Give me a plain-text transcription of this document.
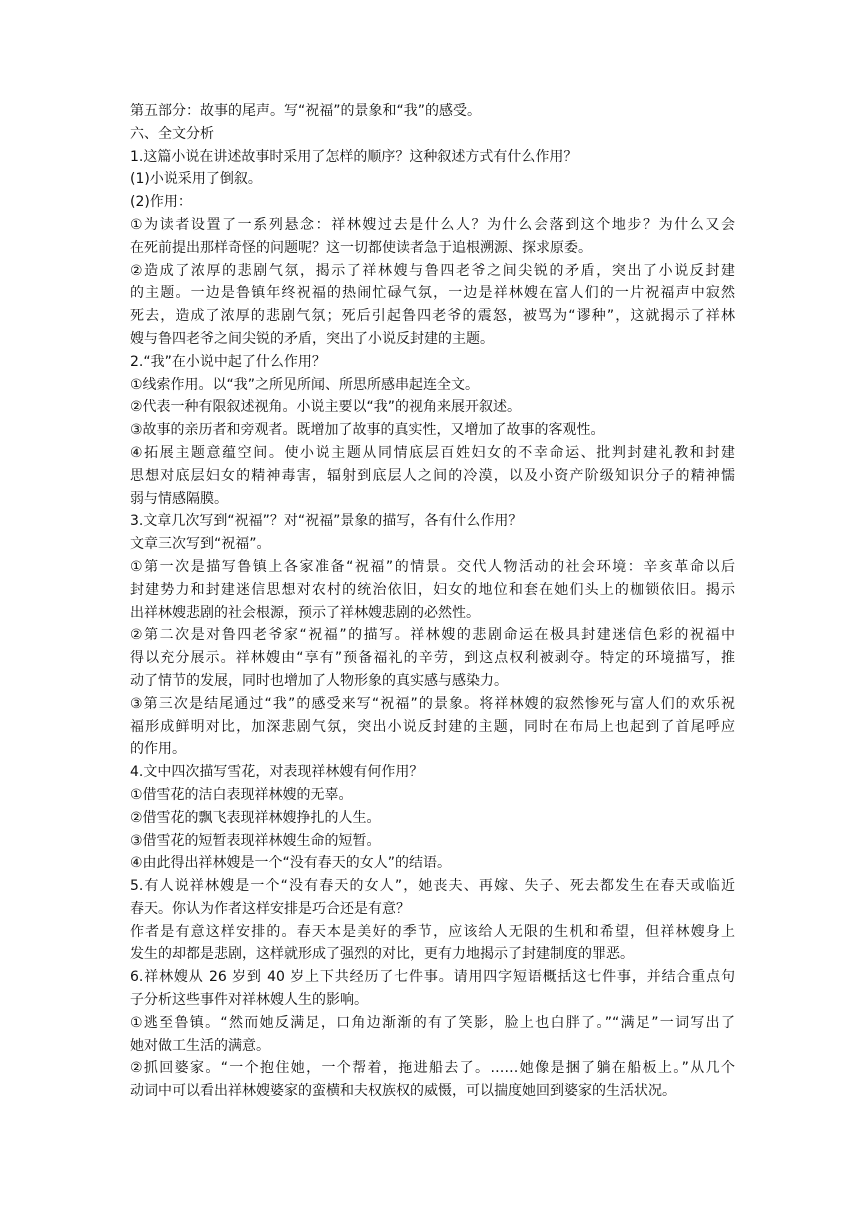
第五部分：故事的尾声。写“祝福”的景象和“我”的感受。
六、全文分析
1.这篇小说在讲述故事时采用了怎样的顺序？这种叙述方式有什么作用？
(1)小说采用了倒叙。
(2)作用：
①为读者设置了一系列悬念：祥林嫂过去是什么人？为什么会落到这个地步？为什么又会
在死前提出那样奇怪的问题呢？这一切都使读者急于追根溯源、探求原委。
②造成了浓厚的悲剧气氛，揭示了祥林嫂与鲁四老爷之间尖锐的矛盾，突出了小说反封建
的主题。一边是鲁镇年终祝福的热闹忙碌气氛，一边是祥林嫂在富人们的一片祝福声中寂然
死去，造成了浓厚的悲剧气氛；死后引起鲁四老爷的震怒，被骂为“谬种”，这就揭示了祥林
嫂与鲁四老爷之间尖锐的矛盾，突出了小说反封建的主题。
2.“我”在小说中起了什么作用？
①线索作用。以“我”之所见所闻、所思所感串起连全文。
②代表一种有限叙述视角。小说主要以“我”的视角来展开叙述。
③故事的亲历者和旁观者。既增加了故事的真实性，又增加了故事的客观性。
④拓展主题意蕴空间。使小说主题从同情底层百姓妇女的不幸命运、批判封建礼教和封建
思想对底层妇女的精神毒害，辐射到底层人之间的冷漠，以及小资产阶级知识分子的精神懦
弱与情感隔膜。
3.文章几次写到“祝福”？对“祝福”景象的描写，各有什么作用？
文章三次写到“祝福”。
①第一次是描写鲁镇上各家准备“祝福”的情景。交代人物活动的社会环境：辛亥革命以后
封建势力和封建迷信思想对农村的统治依旧，妇女的地位和套在她们头上的枷锁依旧。揭示
出祥林嫂悲剧的社会根源，预示了祥林嫂悲剧的必然性。
②第二次是对鲁四老爷家“祝福”的描写。祥林嫂的悲剧命运在极具封建迷信色彩的祝福中
得以充分展示。祥林嫂由“享有”预备福礼的辛劳，到这点权利被剥夺。特定的环境描写，推
动了情节的发展，同时也增加了人物形象的真实感与感染力。
③第三次是结尾通过“我”的感受来写“祝福”的景象。将祥林嫂的寂然惨死与富人们的欢乐祝
福形成鲜明对比，加深悲剧气氛，突出小说反封建的主题，同时在布局上也起到了首尾呼应
的作用。
4.文中四次描写雪花，对表现祥林嫂有何作用？
①借雪花的洁白表现祥林嫂的无辜。
②借雪花的飘飞表现祥林嫂挣扎的人生。
③借雪花的短暂表现祥林嫂生命的短暂。
④由此得出祥林嫂是一个“没有春天的女人”的结语。
5.有人说祥林嫂是一个“没有春天的女人”，她丧夫、再嫁、失子、死去都发生在春天或临近
春天。你认为作者这样安排是巧合还是有意？
作者是有意这样安排的。春天本是美好的季节，应该给人无限的生机和希望，但祥林嫂身上
发生的却都是悲剧，这样就形成了强烈的对比，更有力地揭示了封建制度的罪恶。
6.祥林嫂从 26 岁到 40 岁上下共经历了七件事。请用四字短语概括这七件事，并结合重点句
子分析这些事件对祥林嫂人生的影响。
①逃至鲁镇。“然而她反满足，口角边渐渐的有了笑影，脸上也白胖了。”“满足”一词写出了
她对做工生活的满意。
②抓回婆家。“一个抱住她，一个帮着，拖进船去了。……她像是捆了躺在船板上。”从几个
动词中可以看出祥林嫂婆家的蛮横和夫权族权的威慑，可以揣度她回到婆家的生活状况。
